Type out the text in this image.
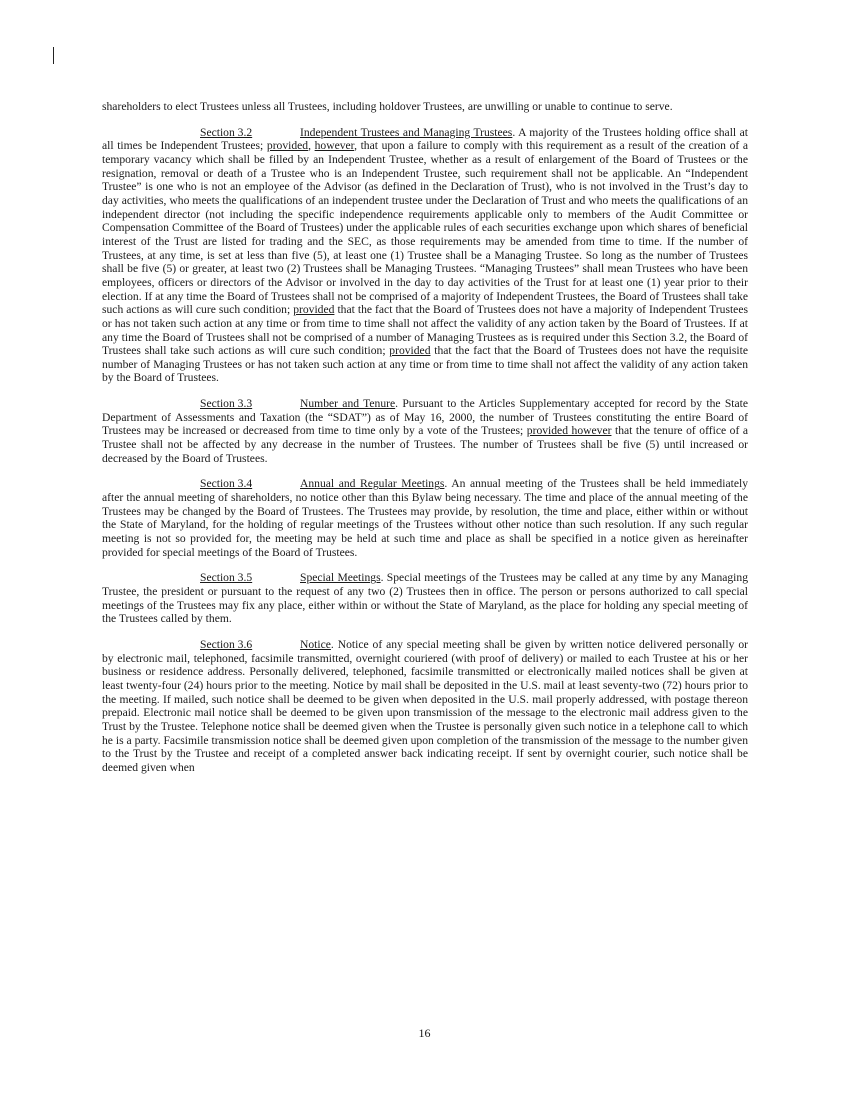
shareholders to elect Trustees unless all Trustees, including holdover Trustees, are unwilling or unable to continue to serve.

Section 3.2	Independent Trustees and Managing Trustees. A majority of the Trustees holding office shall at all times be Independent Trustees; provided, however, that upon a failure to comply with this requirement as a result of the creation of a temporary vacancy which shall be filled by an Independent Trustee, whether as a result of enlargement of the Board of Trustees or the resignation, removal or death of a Trustee who is an Independent Trustee, such requirement shall not be applicable. An “Independent Trustee” is one who is not an employee of the Advisor (as defined in the Declaration of Trust), who is not involved in the Trust’s day to day activities, who meets the qualifications of an independent trustee under the Declaration of Trust and who meets the qualifications of an independent director (not including the specific independence requirements applicable only to members of the Audit Committee or Compensation Committee of the Board of Trustees) under the applicable rules of each securities exchange upon which shares of beneficial interest of the Trust are listed for trading and the SEC, as those requirements may be amended from time to time. If the number of Trustees, at any time, is set at less than five (5), at least one (1) Trustee shall be a Managing Trustee. So long as the number of Trustees shall be five (5) or greater, at least two (2) Trustees shall be Managing Trustees. “Managing Trustees” shall mean Trustees who have been employees, officers or directors of the Advisor or involved in the day to day activities of the Trust for at least one (1) year prior to their election. If at any time the Board of Trustees shall not be comprised of a majority of Independent Trustees, the Board of Trustees shall take such actions as will cure such condition; provided that the fact that the Board of Trustees does not have a majority of Independent Trustees or has not taken such action at any time or from time to time shall not affect the validity of any action taken by the Board of Trustees. If at any time the Board of Trustees shall not be comprised of a number of Managing Trustees as is required under this Section 3.2, the Board of Trustees shall take such actions as will cure such condition; provided that the fact that the Board of Trustees does not have the requisite number of Managing Trustees or has not taken such action at any time or from time to time shall not affect the validity of any action taken by the Board of Trustees.

Section 3.3	Number and Tenure. Pursuant to the Articles Supplementary accepted for record by the State Department of Assessments and Taxation (the “SDAT”) as of May 16, 2000, the number of Trustees constituting the entire Board of Trustees may be increased or decreased from time to time only by a vote of the Trustees; provided however that the tenure of office of a Trustee shall not be affected by any decrease in the number of Trustees. The number of Trustees shall be five (5) until increased or decreased by the Board of Trustees.

Section 3.4	Annual and Regular Meetings. An annual meeting of the Trustees shall be held immediately after the annual meeting of shareholders, no notice other than this Bylaw being necessary. The time and place of the annual meeting of the Trustees may be changed by the Board of Trustees. The Trustees may provide, by resolution, the time and place, either within or without the State of Maryland, for the holding of regular meetings of the Trustees without other notice than such resolution. If any such regular meeting is not so provided for, the meeting may be held at such time and place as shall be specified in a notice given as hereinafter provided for special meetings of the Board of Trustees.

Section 3.5	Special Meetings. Special meetings of the Trustees may be called at any time by any Managing Trustee, the president or pursuant to the request of any two (2) Trustees then in office. The person or persons authorized to call special meetings of the Trustees may fix any place, either within or without the State of Maryland, as the place for holding any special meeting of the Trustees called by them.

Section 3.6	Notice. Notice of any special meeting shall be given by written notice delivered personally or by electronic mail, telephoned, facsimile transmitted, overnight couriered (with proof of delivery) or mailed to each Trustee at his or her business or residence address. Personally delivered, telephoned, facsimile transmitted or electronically mailed notices shall be given at least twenty-four (24) hours prior to the meeting. Notice by mail shall be deposited in the U.S. mail at least seventy-two (72) hours prior to the meeting. If mailed, such notice shall be deemed to be given when deposited in the U.S. mail properly addressed, with postage thereon prepaid. Electronic mail notice shall be deemed to be given upon transmission of the message to the electronic mail address given to the Trust by the Trustee. Telephone notice shall be deemed given when the Trustee is personally given such notice in a telephone call to which he is a party. Facsimile transmission notice shall be deemed given upon completion of the transmission of the message to the number given to the Trust by the Trustee and receipt of a completed answer back indicating receipt. If sent by overnight courier, such notice shall be deemed given when

16
